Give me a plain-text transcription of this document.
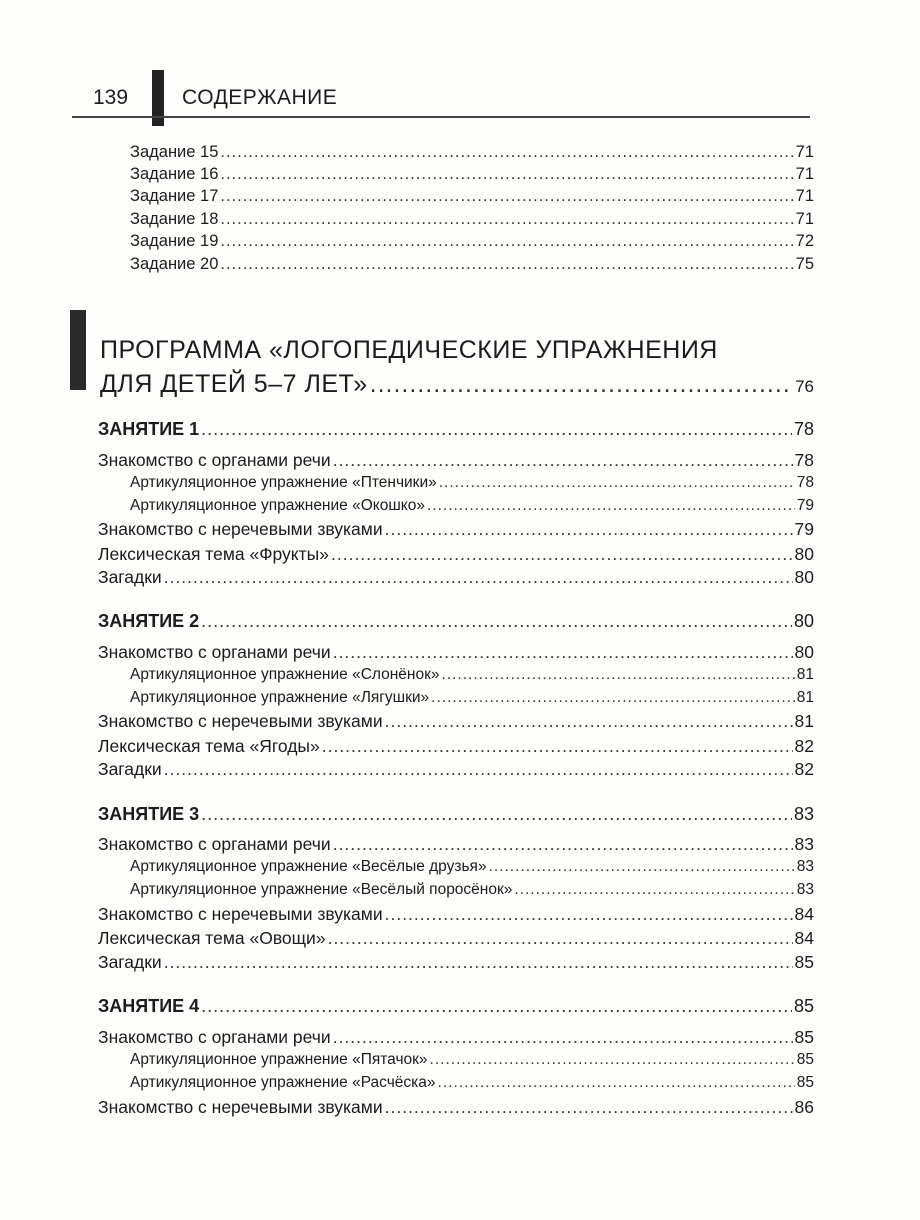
139	СОДЕРЖАНИЕ
Задание 15 .....	71
Задание 16 .....	71
Задание 17 .....	71
Задание 18 .....	71
Задание 19 .....	72
Задание 20 .....	75
ПРОГРАММА «ЛОГОПЕДИЧЕСКИЕ УПРАЖНЕНИЯ
ДЛЯ ДЕТЕЙ 5–7 ЛЕТ» .....	76
ЗАНЯТИЕ 1 .....	78
Знакомство с органами речи .....	78
Артикуляционное упражнение «Птенчики» .....	78
Артикуляционное упражнение «Окошко» .....	79
Знакомство с неречевыми звуками .....	79
Лексическая тема «Фрукты» .....	80
Загадки .....	80
ЗАНЯТИЕ 2 .....	80
Знакомство с органами речи .....	80
Артикуляционное упражнение «Слонёнок» .....	81
Артикуляционное упражнение «Лягушки» .....	81
Знакомство с неречевыми звуками .....	81
Лексическая тема «Ягоды» .....	82
Загадки .....	82
ЗАНЯТИЕ 3 .....	83
Знакомство с органами речи .....	83
Артикуляционное упражнение «Весёлые друзья» .....	83
Артикуляционное упражнение «Весёлый поросёнок» .....	83
Знакомство с неречевыми звуками .....	84
Лексическая тема «Овощи» .....	84
Загадки .....	85
ЗАНЯТИЕ 4 .....	85
Знакомство с органами речи .....	85
Артикуляционное упражнение «Пятачок» .....	85
Артикуляционное упражнение «Расчёска» .....	85
Знакомство с неречевыми звуками .....	86
